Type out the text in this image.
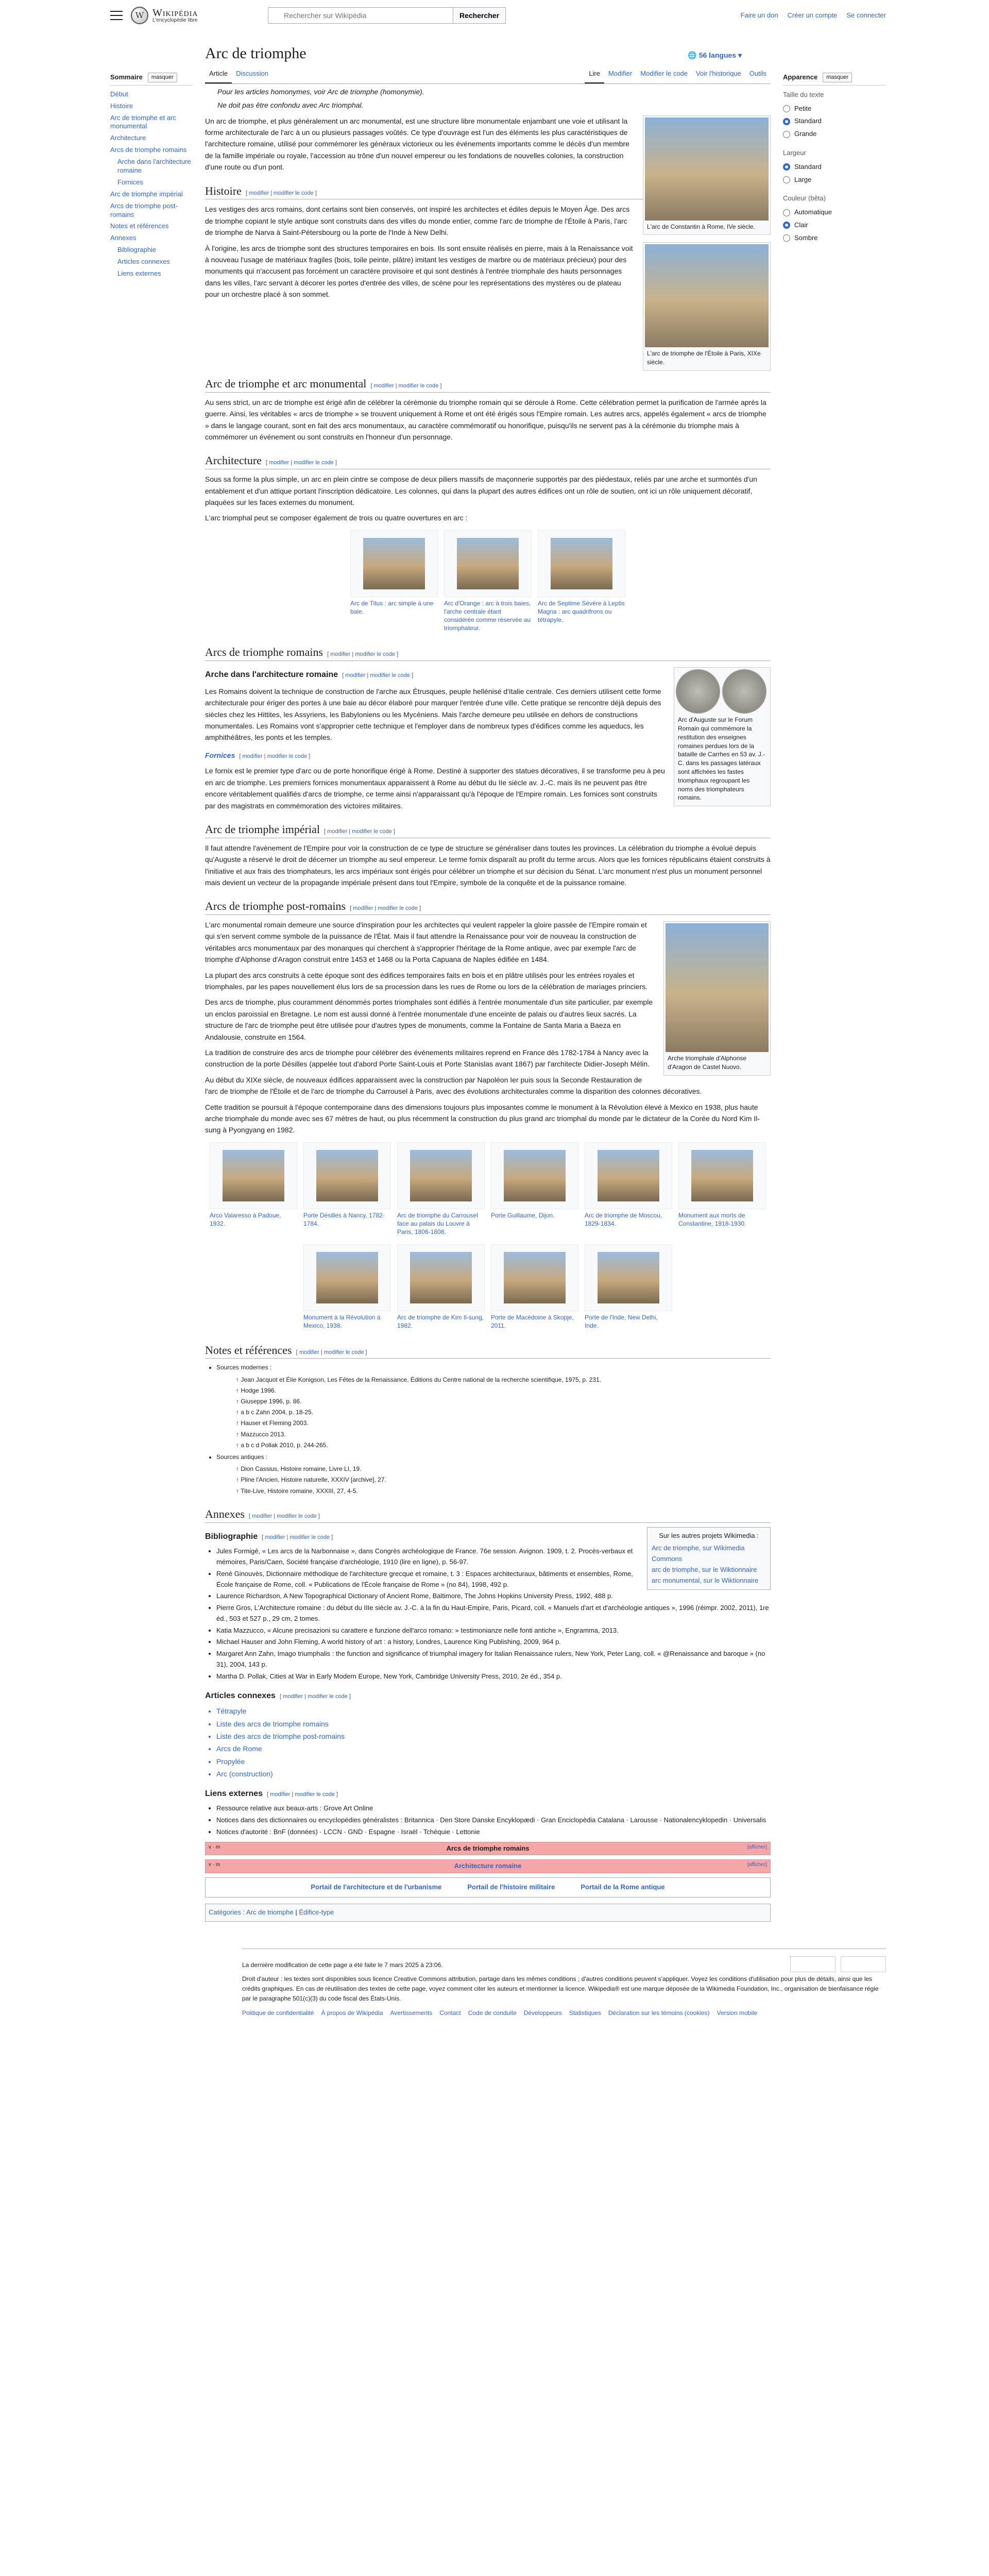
W Wikipédia
L'encyclopédie libre
Rechercher sur Wikipédia
Rechercher	Faire un don Créer un compte Se connecter
Sommaire	masquer
Début
Histoire
Arc de triomphe et arc monumental
Architecture
Arcs de triomphe romains
Arche dans l'architecture romaine
Fornices
Arc de triomphe impérial
Arcs de triomphe post-romains
Notes et références
Annexes
Bibliographie
Articles connexes
Liens externes
Arc de triomphe	🌐 56 langues ▾
Article Discussion	Lire Modifier Modifier le code Voir l'historique Outils
Pour les articles homonymes, voir Arc de triomphe (homonymie).
Ne doit pas être confondu avec Arc triomphal.
L'arc de Constantin à Rome, IVe siècle.

Un arc de triomphe, et plus généralement un arc monumental, est une structure libre monumentale enjambant une voie et utilisant la forme architecturale de l'arc à un ou plusieurs passages voûtés. Ce type d'ouvrage est l'un des éléments les plus caractéristiques de l'architecture romaine, utilisé pour commémorer les généraux victorieux ou les événements importants comme le décès d'un membre de la famille impériale ou royale, l'accession au trône d'un nouvel empereur ou les fondations de nouvelles colonies, la construction d'une route ou d'un pont.

Histoire [ modifier | modifier le code ]
L'arc de triomphe de l'Étoile à Paris, XIXe siècle.

Les vestiges des arcs romains, dont certains sont bien conservés, ont inspiré les architectes et édiles depuis le Moyen Âge. Des arcs de triomphe copiant le style antique sont construits dans des villes du monde entier, comme l'arc de triomphe de l'Étoile à Paris, l'arc de triomphe de Narva à Saint-Pétersbourg ou la porte de l'Inde à New Delhi.

À l'origine, les arcs de triomphe sont des structures temporaires en bois. Ils sont ensuite réalisés en pierre, mais à la Renaissance voit à nouveau l'usage de matériaux fragiles (bois, toile peinte, plâtre) imitant les vestiges de marbre ou de matériaux précieux) pour des monuments qui n'accusent pas forcément un caractère provisoire et qui sont destinés à l'entrée triomphale des hauts personnages dans les villes, l'arc servant à décorer les portes d'entrée des villes, de scène pour les représentations des mystères ou de plateau pour un orchestre placé à son sommet.

Arc de triomphe et arc monumental [ modifier | modifier le code ]

Au sens strict, un arc de triomphe est érigé afin de célébrer la cérémonie du triomphe romain qui se déroule à Rome. Cette célébration permet la purification de l'armée après la guerre. Ainsi, les véritables « arcs de triomphe » se trouvent uniquement à Rome et ont été érigés sous l'Empire romain. Les autres arcs, appelés également « arcs de triomphe » dans le langage courant, sont en fait des arcs monumentaux, au caractère commémoratif ou honorifique, puisqu'ils ne servent pas à la cérémonie du triomphe mais à commémorer un événement ou sont construits en l'honneur d'un personnage.

Architecture [ modifier | modifier le code ]

Sous sa forme la plus simple, un arc en plein cintre se compose de deux piliers massifs de maçonnerie supportés par des piédestaux, reliés par une arche et surmontés d'un entablement et d'un attique portant l'inscription dédicatoire. Les colonnes, qui dans la plupart des autres édifices ont un rôle de soutien, ont ici un rôle uniquement décoratif, plaquées sur les faces externes du monument.

L'arc triomphal peut se composer également de trois ou quatre ouvertures en arc :

Arc de Titus : arc simple à une baie.
Arc d'Orange : arc à trois baies, l'arche centrale étant considérée comme réservée au triomphateur.
Arc de Septime Sévère à Leptis Magna : arc quadrifrons ou tétrapyle.
Arcs de triomphe romains [ modifier | modifier le code ]
Arc d'Auguste sur le Forum Romain qui commémore la restitution des enseignes romaines perdues lors de la bataille de Carrhes en 53 av. J.-C. dans les passages latéraux sont affichées les fastes triomphaux regroupant les noms des triomphateurs romains.
Arche dans l'architecture romaine [ modifier | modifier le code ]

Les Romains doivent la technique de construction de l'arche aux Étrusques, peuple hellénisé d'Italie centrale. Ces derniers utilisent cette forme architecturale pour ériger des portes à une baie au décor élaboré pour marquer l'entrée d'une ville. Cette pratique se rencontre déjà depuis des siècles chez les Hittites, les Assyriens, les Babyloniens ou les Mycéniens. Mais l'arche demeure peu utilisée en dehors de constructions monumentales. Les Romains vont s'approprier cette technique et l'employer dans de nombreux types d'édifices comme les aqueducs, les amphithéâtres, les ponts et les temples.

Fornices [ modifier | modifier le code ]

Le fornix est le premier type d'arc ou de porte honorifique érigé à Rome. Destiné à supporter des statues décoratives, il se transforme peu à peu en arc de triomphe. Les premiers fornices monumentaux apparaissent à Rome au début du IIe siècle av. J.-C. mais ils ne peuvent pas être encore véritablement qualifiés d'arcs de triomphe, ce terme ainsi n'apparaissant qu'à l'époque de l'Empire romain. Les fornices sont construits par des magistrats en commémoration des victoires militaires.

Arc de triomphe impérial [ modifier | modifier le code ]

Il faut attendre l'avènement de l'Empire pour voir la construction de ce type de structure se généraliser dans toutes les provinces. La célébration du triomphe a évolué depuis qu'Auguste a réservé le droit de décerner un triomphe au seul empereur. Le terme fornix disparaît au profit du terme arcus. Alors que les fornices républicains étaient construits à l'initiative et aux frais des triomphateurs, les arcs impériaux sont érigés pour célébrer un triomphe et sur décision du Sénat. L'arc monument n'est plus un monument personnel mais devient un vecteur de la propagande impériale présent dans tout l'Empire, symbole de la conquête et de la puissance romaine.

Arcs de triomphe post-romains [ modifier | modifier le code ]
Arche triomphale d'Alphonse d'Aragon de Castel Nuovo.

L'arc monumental romain demeure une source d'inspiration pour les architectes qui veulent rappeler la gloire passée de l'Empire romain et qui s'en servent comme symbole de la puissance de l'État. Mais il faut attendre la Renaissance pour voir de nouveau la construction de véritables arcs monumentaux par des monarques qui cherchent à s'approprier l'héritage de la Rome antique, avec par exemple l'arc de triomphe d'Alphonse d'Aragon construit entre 1453 et 1468 ou la Porta Capuana de Naples édifiée en 1484.

La plupart des arcs construits à cette époque sont des édifices temporaires faits en bois et en plâtre utilisés pour les entrées royales et triomphales, par les papes nouvellement élus lors de sa procession dans les rues de Rome ou lors de la célébration de mariages princiers.

Des arcs de triomphe, plus couramment dénommés portes triomphales sont édifiés à l'entrée monumentale d'un site particulier, par exemple un enclos paroissial en Bretagne. Le nom est aussi donné à l'entrée monumentale d'une enceinte de palais ou d'autres lieux sacrés. La structure de l'arc de triomphe peut être utilisée pour d'autres types de monuments, comme la Fontaine de Santa Maria a Baeza en Andalousie, construite en 1564.

La tradition de construire des arcs de triomphe pour célébrer des événements militaires reprend en France dès 1782-1784 à Nancy avec la construction de la porte Désilles (appelée tout d'abord Porte Saint-Louis et Porte Stanislas avant 1867) par l'architecte Didier-Joseph Mélin.

Au début du XIXe siècle, de nouveaux édifices apparaissent avec la construction par Napoléon Ier puis sous la Seconde Restauration de l'arc de triomphe de l'Étoile et de l'arc de triomphe du Carrousel à Paris, avec des évolutions architecturales comme la disparition des colonnes décoratives.

Cette tradition se poursuit à l'époque contemporaine dans des dimensions toujours plus imposantes comme le monument à la Révolution élevé à Mexico en 1938, plus haute arche triomphale du monde avec ses 67 mètres de haut, ou plus récemment la construction du plus grand arc triomphal du monde par le dictateur de la Corée du Nord Kim Il-sung à Pyongyang en 1982.

Arco Valaresso à Padoue, 1932.
Porte Désilles à Nancy, 1782-1784.
Arc de triomphe du Carrousel face au palais du Louvre à Paris, 1806-1808.
Porte Guillaume, Dijon.	Arc de triomphe de Moscou, 1829-1834.
Monument aux morts de Constantine, 1918-1930.
Monument à la Révolution à Mexico, 1938.
Arc de triomphe de Kim Il-sung, 1982.
Porte de Macédoine à Skopje, 2011.
Porte de l'Inde, New Delhi, Inde.
Notes et références [ modifier | modifier le code ]
• Sources modernes :
↑ Jean Jacquot et Élie Konigson, Les Fêtes de la Renaissance, Éditions du Centre national de la recherche scientifique, 1975, p. 231.
↑ Hodge 1996.
↑ Giuseppe 1996, p. 86.
↑ a b c Zahn 2004, p. 18-25.
↑ Hauser et Fleming 2003.
↑ Mazzucco 2013.
↑ a b c d Pollak 2010, p. 244-265.
• Sources antiques :
↑ Dion Cassius, Histoire romaine, Livre LI, 19.
↑ Pline l'Ancien, Histoire naturelle, XXXIV [archive], 27.
↑ Tite-Live, Histoire romaine, XXXIII, 27, 4-5.
Annexes [ modifier | modifier le code ]
Sur les autres projets Wikimedia :
Arc de triomphe, sur Wikimedia Commons
arc de triomphe, sur le Wiktionnaire
arc monumental, sur le Wiktionnaire
Bibliographie [ modifier | modifier le code ]
• Jules Formigé, « Les arcs de la Narbonnaise », dans Congrès archéologique de France. 76e session. Avignon. 1909, t. 2. Procès-verbaux et mémoires, Paris/Caen, Société française d'archéologie, 1910 (lire en ligne), p. 56-97.
• René Ginouvès, Dictionnaire méthodique de l'architecture grecque et romaine, t. 3 : Espaces architecturaux, bâtiments et ensembles, Rome, École française de Rome, coll. « Publications de l'École française de Rome » (no 84), 1998, 492 p.
• Laurence Richardson, A New Topographical Dictionary of Ancient Rome, Baltimore, The Johns Hopkins University Press, 1992, 488 p.
• Pierre Gros, L'Architecture romaine : du début du IIIe siècle av. J.-C. à la fin du Haut-Empire, Paris, Picard, coll. « Manuels d'art et d'archéologie antiques », 1996 (réimpr. 2002, 2011), 1re éd., 503 et 527 p., 29 cm, 2 tomes.
• Katia Mazzucco, « Alcune precisazioni su carattere e funzione dell'arco romano: » testimonianze nelle fonti antiche », Engramma, 2013.
• Michael Hauser and John Fleming, A world history of art : a history, Londres, Laurence King Publishing, 2009, 964 p.
• Margaret Ann Zahn, Imago triumphalis : the function and significance of triumphal imagery for Italian Renaissance rulers, New York, Peter Lang, coll. « @Renaissance and baroque » (no 31), 2004, 143 p.
• Martha D. Pollak, Cities at War in Early Modern Europe, New York, Cambridge University Press, 2010, 2e éd., 354 p.
Articles connexes [ modifier | modifier le code ]
• Tétrapyle
• Liste des arcs de triomphe romains
• Liste des arcs de triomphe post-romains
• Arcs de Rome
• Propylée
• Arc (construction)
Liens externes [ modifier | modifier le code ]
• Ressource relative aux beaux-arts : Grove Art Online
• Notices dans des dictionnaires ou encyclopédies généralistes : Britannica · Den Store Danske Encyklopædi · Gran Enciclopèdia Catalana · Larousse · Nationalencyklopedin · Universalis
• Notices d'autorité : BnF (données) · LCCN · GND · Espagne · Israël · Tchéquie · Lettonie
v · m	Arcs de triomphe romains	[afficher]
v · m	Architecture romaine	[afficher]
Portail de l'architecture et de l'urbanisme	Portail de l'histoire militaire	Portail de la Rome antique
Catégories : Arc de triomphe | Édifice-type
Apparence	masquer
Taille du texte
Petite
Standard
Grande
Largeur
Standard
Large
Couleur (bêta)
Automatique
Clair
Sombre

La dernière modification de cette page a été faite le 7 mars 2025 à 23:06.

Droit d'auteur : les textes sont disponibles sous licence Creative Commons attribution, partage dans les mêmes conditions ; d'autres conditions peuvent s'appliquer. Voyez les conditions d'utilisation pour plus de détails, ainsi que les crédits graphiques. En cas de réutilisation des textes de cette page, voyez comment citer les auteurs et mentionner la licence. Wikipedia® est une marque déposée de la Wikimedia Foundation, Inc., organisation de bienfaisance régie par le paragraphe 501(c)(3) du code fiscal des États-Unis.

Politique de confidentialité À propos de Wikipédia Avertissements Contact Code de conduite Développeurs Statistiques Déclaration sur les témoins (cookies) Version mobile
